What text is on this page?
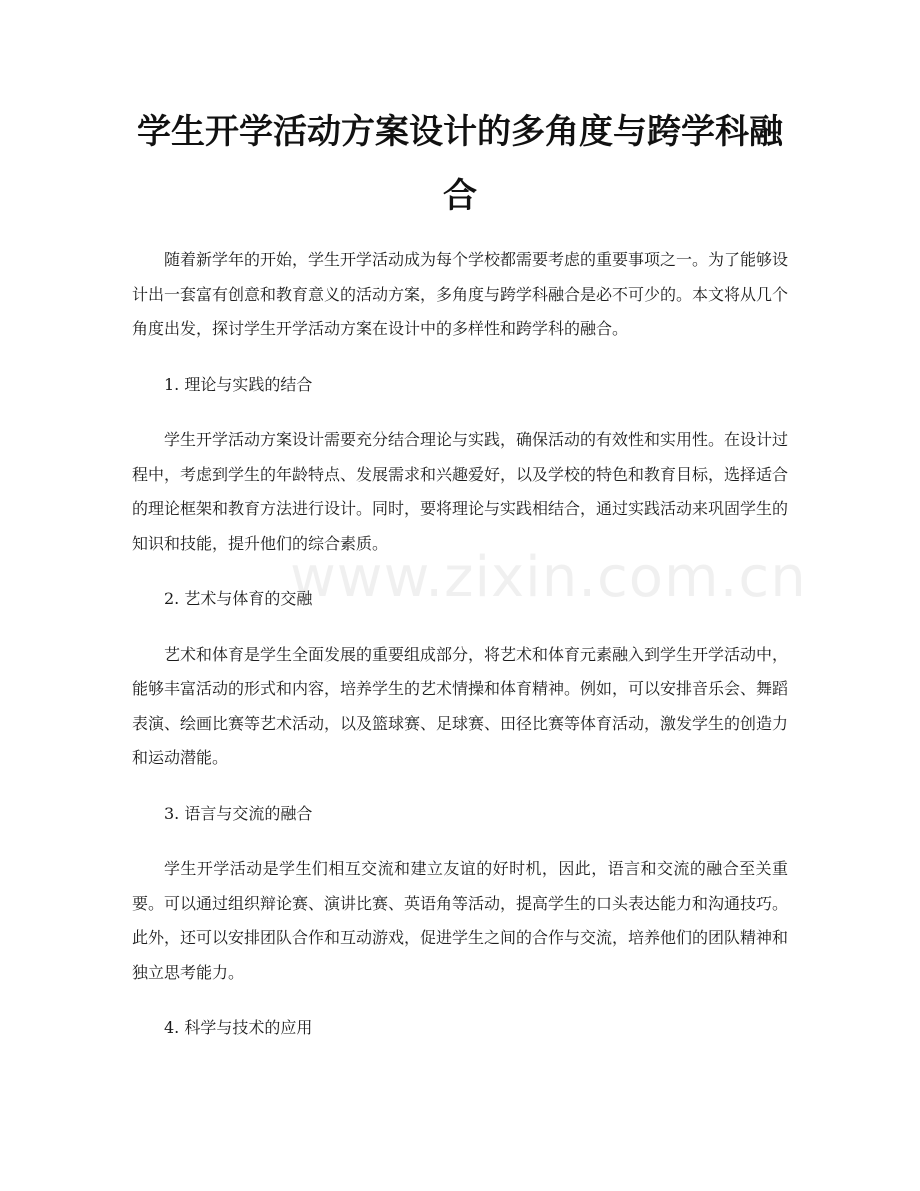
学生开学活动方案设计的多角度与跨学科融合

随着新学年的开始，学生开学活动成为每个学校都需要考虑的重要事项之一。为了能够设计出一套富有创意和教育意义的活动方案，多角度与跨学科融合是必不可少的。本文将从几个角度出发，探讨学生开学活动方案在设计中的多样性和跨学科的融合。

1. 理论与实践的结合

学生开学活动方案设计需要充分结合理论与实践，确保活动的有效性和实用性。在设计过程中，考虑到学生的年龄特点、发展需求和兴趣爱好，以及学校的特色和教育目标，选择适合的理论框架和教育方法进行设计。同时，要将理论与实践相结合，通过实践活动来巩固学生的知识和技能，提升他们的综合素质。

2. 艺术与体育的交融

艺术和体育是学生全面发展的重要组成部分，将艺术和体育元素融入到学生开学活动中，能够丰富活动的形式和内容，培养学生的艺术情操和体育精神。例如，可以安排音乐会、舞蹈表演、绘画比赛等艺术活动，以及篮球赛、足球赛、田径比赛等体育活动，激发学生的创造力和运动潜能。

3. 语言与交流的融合

学生开学活动是学生们相互交流和建立友谊的好时机，因此，语言和交流的融合至关重要。可以通过组织辩论赛、演讲比赛、英语角等活动，提高学生的口头表达能力和沟通技巧。此外，还可以安排团队合作和互动游戏，促进学生之间的合作与交流，培养他们的团队精神和独立思考能力。

4. 科学与技术的应用

www.zixin.com.cn
